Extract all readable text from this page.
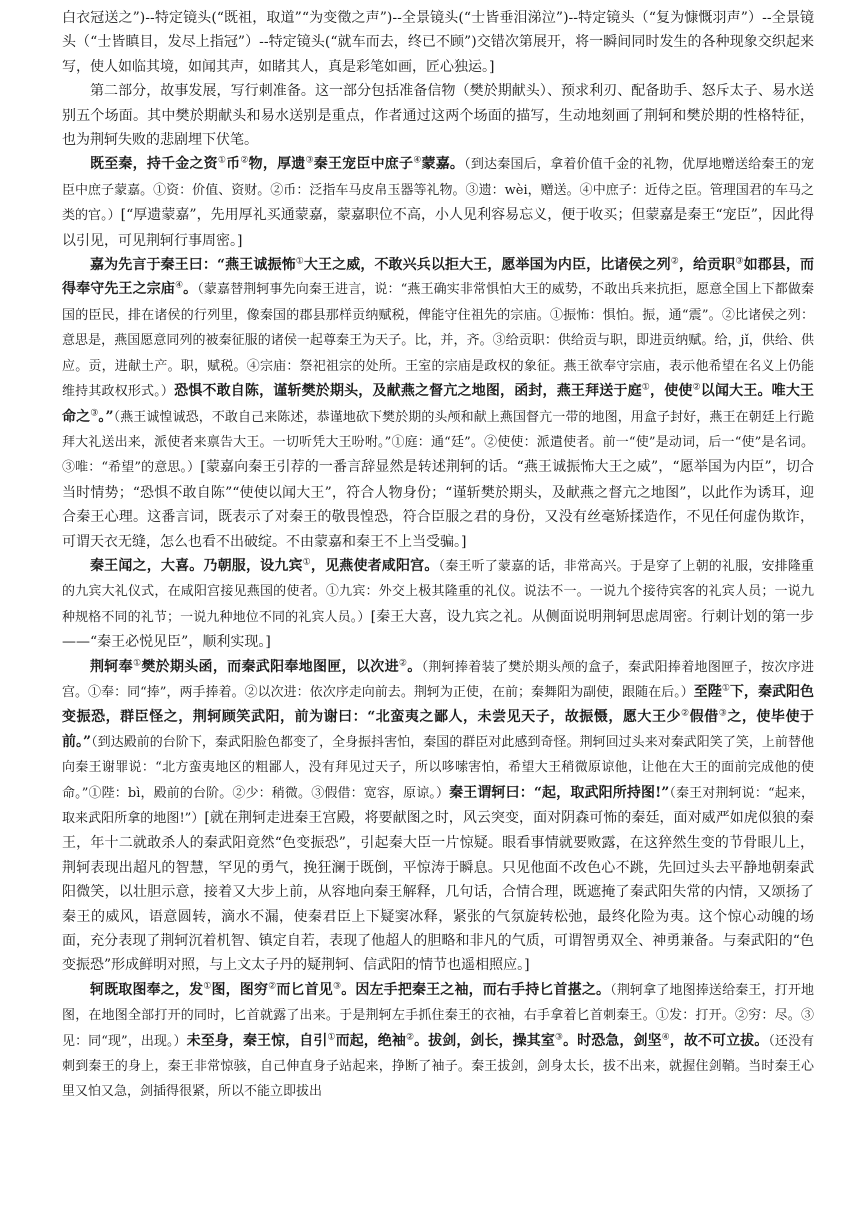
白衣冠送之”)--特定镜头(“既祖，取道”“为变徵之声”)--全景镜头(“士皆垂泪涕泣”)--特定镜头（“复为慷慨羽声”）--全景镜头（“士皆瞋目，发尽上指冠”）--特定镜头(“就车而去，终已不顾”)交错次第展开，将一瞬间同时发生的各种现象交织起来写，使人如临其境，如闻其声，如睹其人，真是彩笔如画，匠心独运。]

第二部分，故事发展，写行刺准备。这一部分包括准备信物（樊於期献头）、预求利刃、配备助手、怒斥太子、易水送别五个场面。其中樊於期献头和易水送别是重点，作者通过这两个场面的描写，生动地刻画了荆轲和樊於期的性格特征，也为荆轲失败的悲剧埋下伏笔。

既至秦，持千金之资①币②物，厚遗③秦王宠臣中庶子④蒙嘉。（到达秦国后，拿着价值千金的礼物，优厚地赠送给秦王的宠臣中庶子蒙嘉。①资：价值、资财。②币：泛指车马皮帛玉器等礼物。③遗：wèi，赠送。④中庶子：近侍之臣。管理国君的车马之类的官。）[“厚遗蒙嘉”，先用厚礼买通蒙嘉，蒙嘉职位不高，小人见利容易忘义，便于收买；但蒙嘉是秦王“宠臣”，因此得以引见，可见荆轲行事周密。]

嘉为先言于秦王曰：“燕王诚振怖①大王之威，不敢兴兵以拒大王，愿举国为内臣，比诸侯之列②，给贡职③如郡县，而得奉守先王之宗庙④。（蒙嘉替荆轲事先向秦王进言，说：“燕王确实非常惧怕大王的威势，不敢出兵来抗拒，愿意全国上下都做秦国的臣民，排在诸侯的行列里，像秦国的郡县那样贡纳赋税，俾能守住祖先的宗庙。①振怖：惧怕。振，通“震”。②比诸侯之列：意思是，燕国愿意同列的被秦征服的诸侯一起尊秦王为天子。比，并，齐。③给贡职：供给贡与职，即进贡纳赋。给，jǐ，供给、供应。贡，进献土产。职，赋税。④宗庙：祭祀祖宗的处所。王室的宗庙是政权的象征。燕王欲奉守宗庙，表示他希望在名义上仍能维持其政权形式。）恐惧不敢自陈，谨斩樊於期头，及献燕之督亢之地图，函封，燕王拜送于庭①，使使②以闻大王。唯大王命之③。”（燕王诚惶诚恐，不敢自己来陈述，恭谨地砍下樊於期的头颅和献上燕国督亢一带的地图，用盒子封好，燕王在朝廷上行跪拜大礼送出来，派使者来禀告大王。一切听凭大王吩咐。”①庭：通“廷”。②使使：派遣使者。前一“使”是动词，后一“使”是名词。③唯：“希望”的意思。）[蒙嘉向秦王引荐的一番言辞显然是转述荆轲的话。“燕王诚振怖大王之威”，“愿举国为内臣”，切合当时情势；“恐惧不敢自陈”“使使以闻大王”，符合人物身份；“谨斩樊於期头，及献燕之督亢之地图”，以此作为诱耳，迎合秦王心理。这番言词，既表示了对秦王的敬畏惶恐，符合臣服之君的身份，又没有丝毫矫揉造作，不见任何虚伪欺诈，可谓天衣无缝，怎么也看不出破绽。不由蒙嘉和秦王不上当受骗。]

秦王闻之，大喜。乃朝服，设九宾①，见燕使者咸阳宫。（秦王听了蒙嘉的话，非常高兴。于是穿了上朝的礼服，安排隆重的九宾大礼仪式，在咸阳宫接见燕国的使者。①九宾：外交上极其隆重的礼仪。说法不一。一说九个接待宾客的礼宾人员；一说九种规格不同的礼节；一说九种地位不同的礼宾人员。）[秦王大喜，设九宾之礼。从侧面说明荆轲思虑周密。行刺计划的第一步——“秦王必悦见臣”，顺利实现。]

荆轲奉①樊於期头函，而秦武阳奉地图匣，以次进②。（荆轲捧着装了樊於期头颅的盒子，秦武阳捧着地图匣子，按次序进宫。①奉：同“捧”，两手捧着。②以次进：依次序走向前去。荆轲为正使，在前；秦舞阳为副使，跟随在后。）至陛①下，秦武阳色变振恐，群臣怪之，荆轲顾笑武阳，前为谢曰：“北蛮夷之鄙人，未尝见天子，故振慑，愿大王少②假借③之，使毕使于前。”（到达殿前的台阶下，秦武阳脸色都变了，全身振抖害怕，秦国的群臣对此感到奇怪。荆轲回过头来对秦武阳笑了笑，上前替他向秦王谢罪说：“北方蛮夷地区的粗鄙人，没有拜见过天子，所以哆嗦害怕，希望大王稍微原谅他，让他在大王的面前完成他的使命。”①陛：bì，殿前的台阶。②少：稍微。③假借：宽容，原谅。）秦王谓轲曰：“起，取武阳所持图!”（秦王对荆轲说：“起来，取来武阳所拿的地图!”）[就在荆轲走进秦王宫殿，将要献图之时，风云突变，面对阴森可怖的秦廷，面对威严如虎似狼的秦王，年十二就敢杀人的秦武阳竟然“色变振恐”，引起秦大臣一片惊疑。眼看事情就要败露，在这猝然生变的节骨眼儿上，荆轲表现出超凡的智慧，罕见的勇气，挽狂澜于既倒，平惊涛于瞬息。只见他面不改色心不跳，先回过头去平静地朝秦武阳微笑，以壮胆示意，接着又大步上前，从容地向秦王解释，几句话，合情合理，既遮掩了秦武阳失常的内情，又颂扬了秦王的威风，语意圆转，滴水不漏，使秦君臣上下疑窦冰释，紧张的气氛旋转松弛，最终化险为夷。这个惊心动魄的场面，充分表现了荆轲沉着机智、镇定自若，表现了他超人的胆略和非凡的气质，可谓智勇双全、神勇兼备。与秦武阳的“色变振恐”形成鲜明对照，与上文太子丹的疑荆轲、信武阳的情节也遥相照应。]

轲既取图奉之，发①图，图穷②而匕首见③。因左手把秦王之袖，而右手持匕首揕之。（荆轲拿了地图捧送给秦王，打开地图，在地图全部打开的同时，匕首就露了出来。于是荆轲左手抓住秦王的衣袖，右手拿着匕首刺秦王。①发：打开。②穷：尽。③见：同“现”，出现。）未至身，秦王惊，自引①而起，绝袖②。拔剑，剑长，操其室③。时恐急，剑坚④，故不可立拔。（还没有刺到秦王的身上，秦王非常惊骇，自己伸直身子站起来，挣断了袖子。秦王拔剑，剑身太长，拔不出来，就握住剑鞘。当时秦王心里又怕又急，剑插得很紧，所以不能立即拔出
